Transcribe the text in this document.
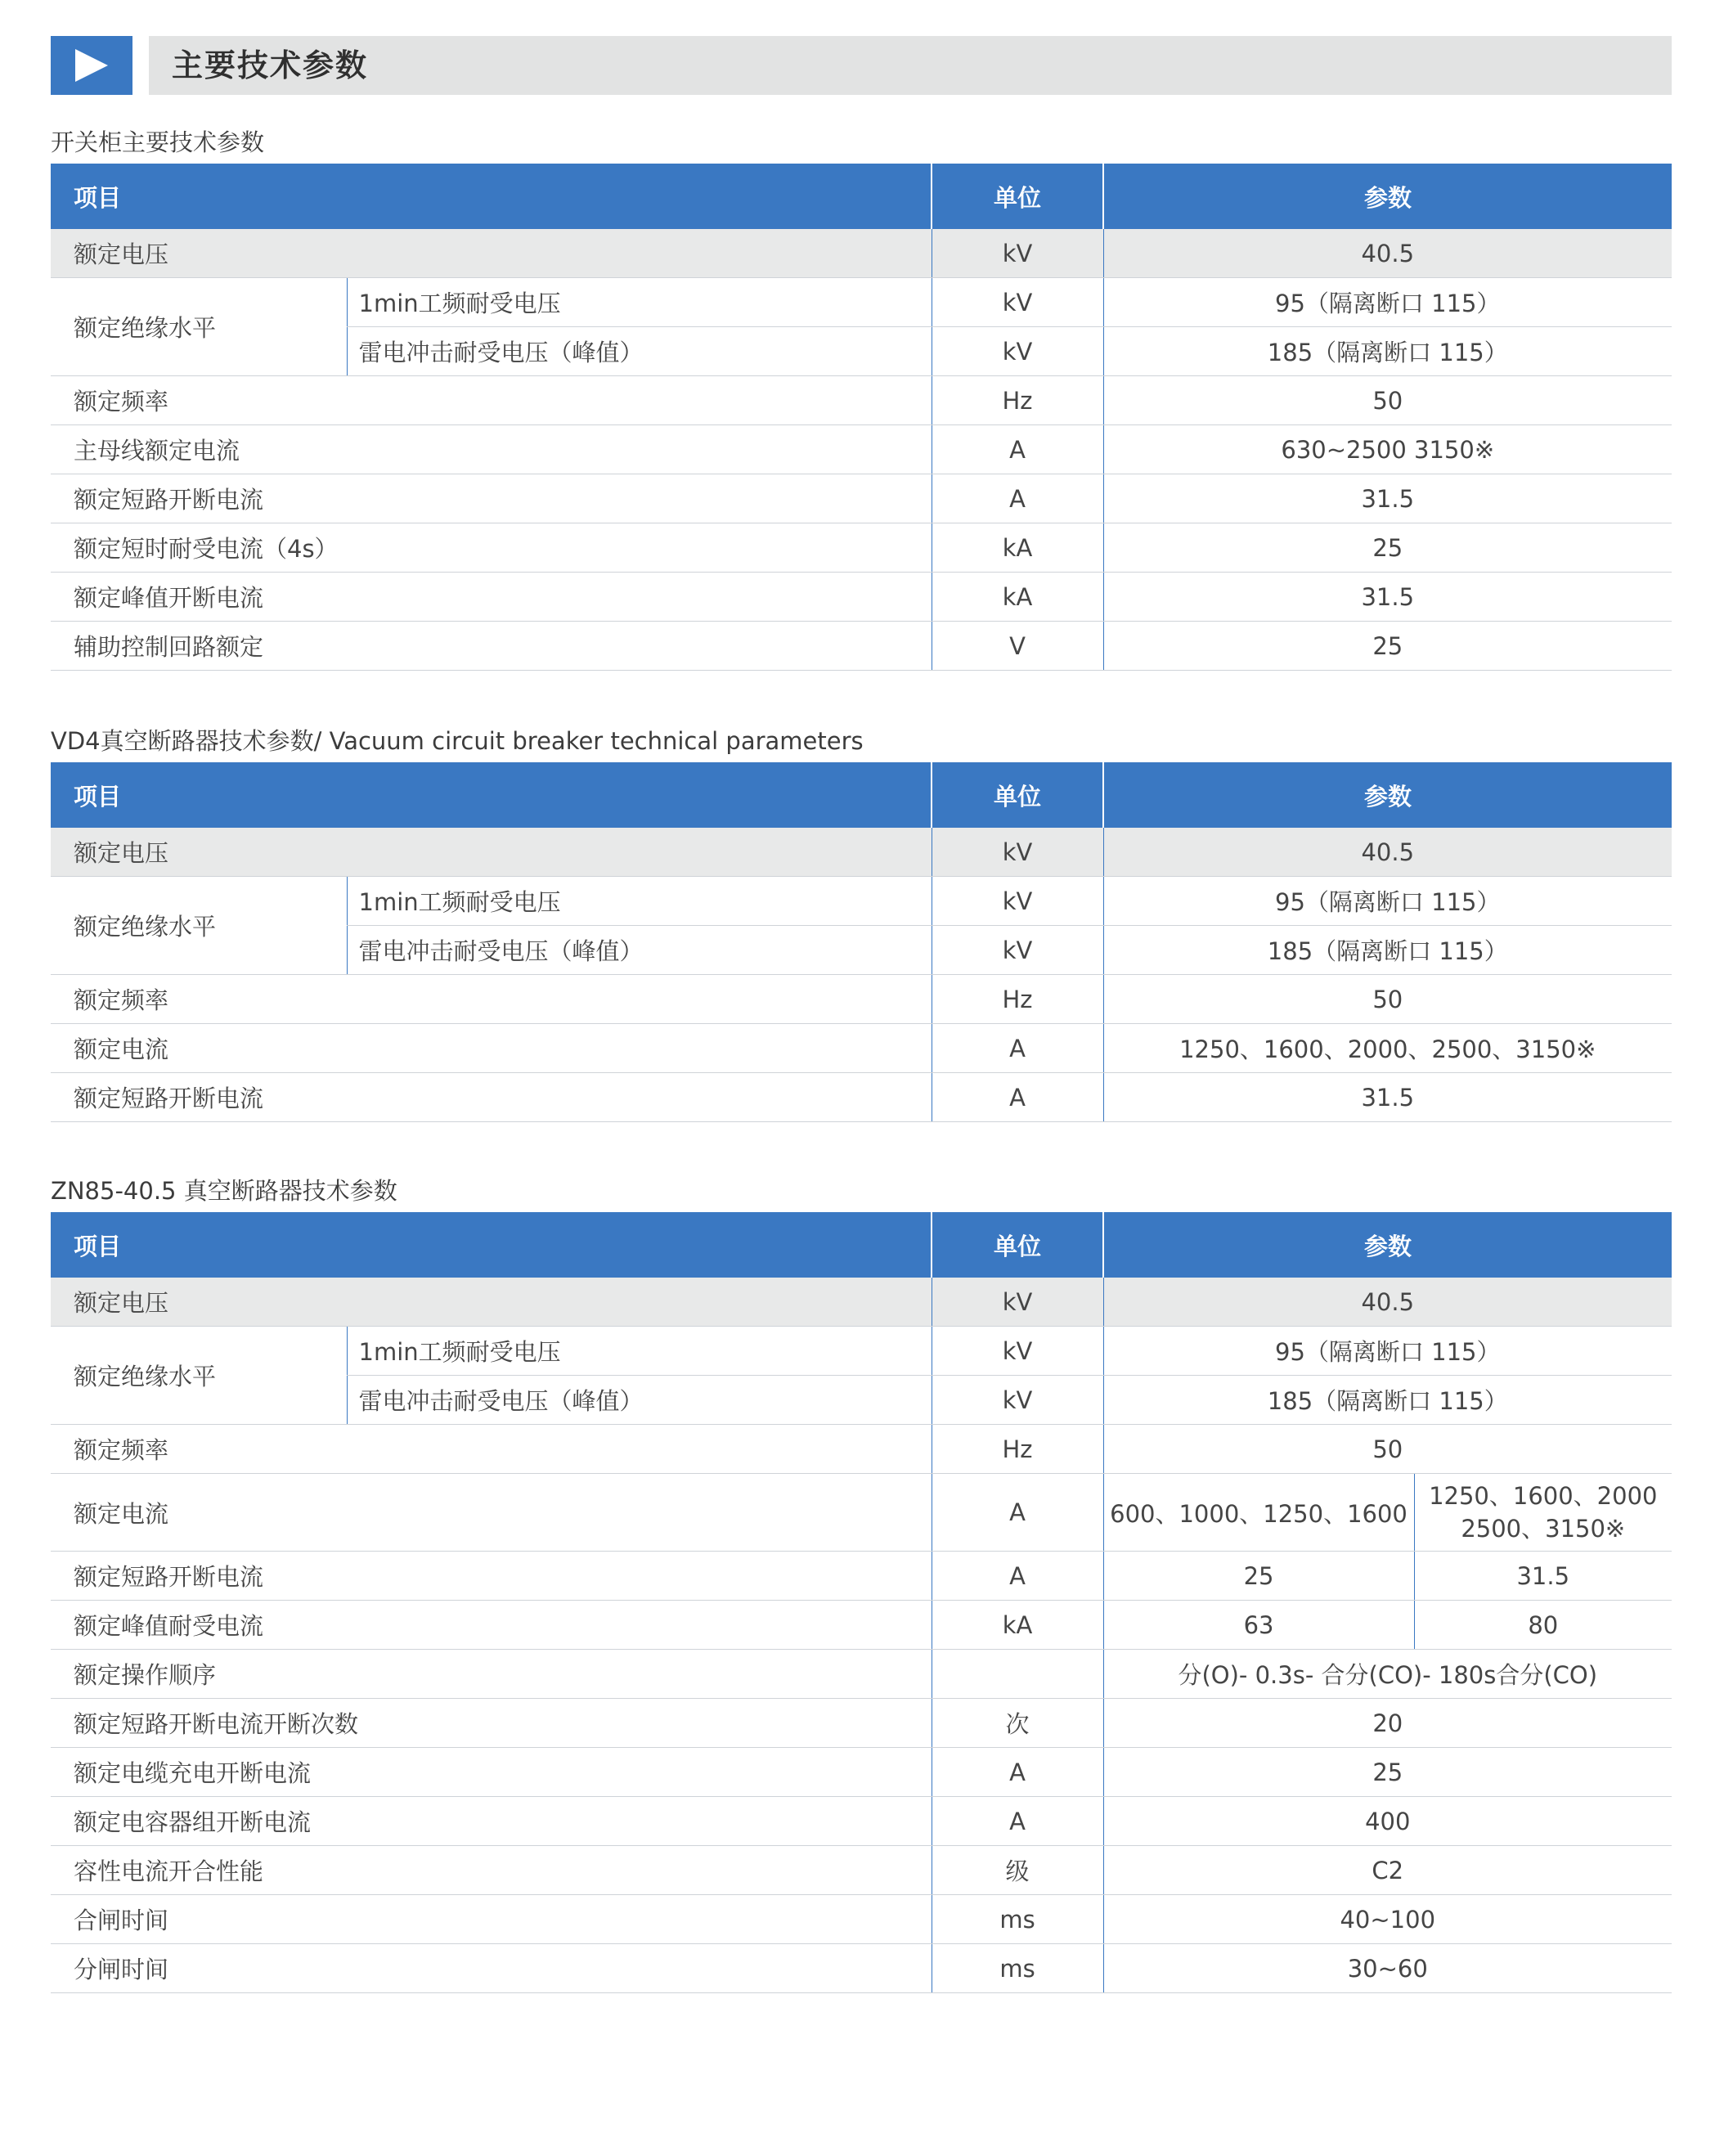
主要技术参数
开关柜主要技术参数
项目		单位	参数
额定电压		kV	40.5
额定绝缘水平	1min工频耐受电压	kV	95（隔离断口 115）
	雷电冲击耐受电压（峰值）	kV	185（隔离断口 115）
额定频率		Hz	50
主母线额定电流		A	630~2500 3150※
额定短路开断电流		A	31.5
额定短时耐受电流（4s）		kA	25
额定峰值开断电流		kA	31.5
辅助控制回路额定		V	25
VD4真空断路器技术参数/ Vacuum circuit breaker technical parameters
项目		单位	参数
额定电压		kV	40.5
额定绝缘水平	1min工频耐受电压	kV	95（隔离断口 115）
	雷电冲击耐受电压（峰值）	kV	185（隔离断口 115）
额定频率		Hz	50
额定电流		A	1250、1600、2000、2500、3150※
额定短路开断电流		A	31.5
ZN85-40.5 真空断路器技术参数
项目		单位	参数	
额定电压		kV	40.5	
额定绝缘水平	1min工频耐受电压	kV	95（隔离断口 115）	
	雷电冲击耐受电压（峰值）	kV	185（隔离断口 115）	
额定频率		Hz	50	
额定电流		A	600、1000、1250、1600	1250、1600、2000
2500、3150※

额定短路开断电流		A	25	31.5
额定峰值耐受电流		kA	63	80
额定操作顺序			分(O)- 0.3s- 合分(CO)- 180s合分(CO)	
额定短路开断电流开断次数		次	20	
额定电缆充电开断电流		A	25	
额定电容器组开断电流		A	400	
容性电流开合性能		级	C2	
合闸时间		ms	40~100	
分闸时间		ms	30~60	
